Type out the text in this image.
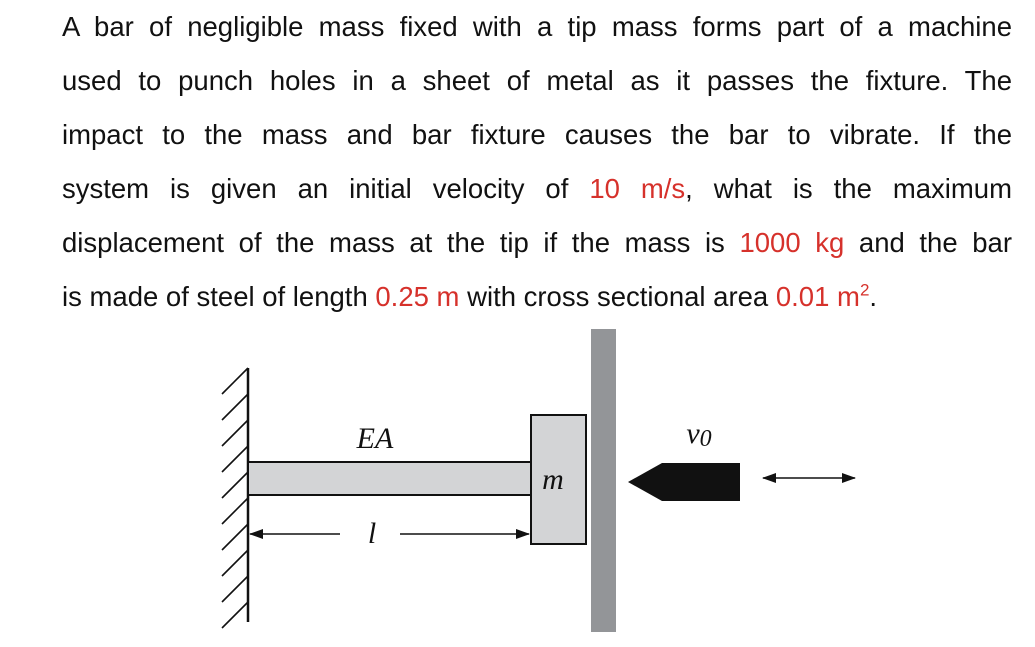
A bar of negligible mass fixed with a tip mass forms part of a machine
used to punch holes in a sheet of metal as it passes the fixture. The
impact to the mass and bar fixture causes the bar to vibrate. If the
system is given an initial velocity of 10 m/s, what is the maximum
displacement of the mass at the tip if the mass is 1000 kg and the bar
is made of steel of length 0.25 m with cross sectional area 0.01 $m^2$.
EA
m
l
v0
